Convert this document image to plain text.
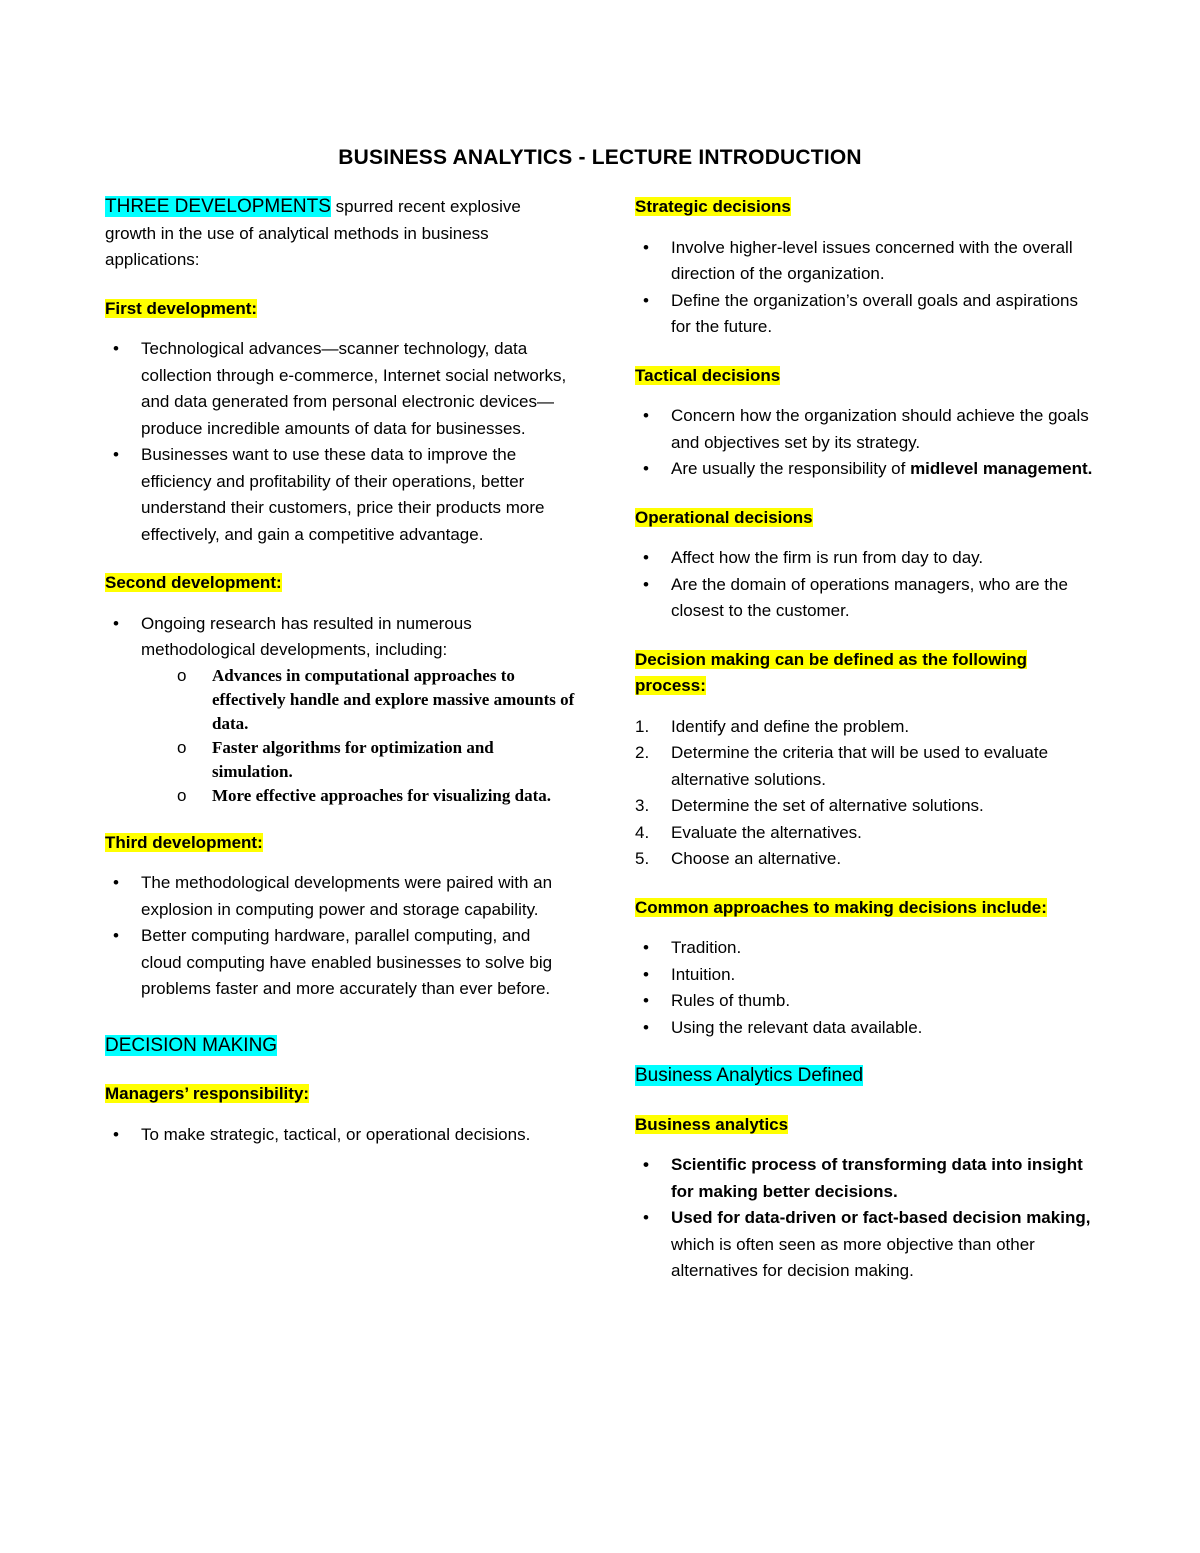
BUSINESS ANALYTICS - LECTURE INTRODUCTION

THREE DEVELOPMENTS spurred recent explosive growth in the use of analytical methods in business applications:

First development:

• Technological advances—scanner technology, data collection through e-commerce, Internet social networks, and data generated from personal electronic devices—produce incredible amounts of data for businesses.
• Businesses want to use these data to improve the efficiency and profitability of their operations, better understand their customers, price their products more effectively, and gain a competitive advantage.

Second development:

• Ongoing research has resulted in numerous methodological developments, including:
o Advances in computational approaches to effectively handle and explore massive amounts of data.
o Faster algorithms for optimization and simulation.
o More effective approaches for visualizing data.

Third development:

• The methodological developments were paired with an explosion in computing power and storage capability.
• Better computing hardware, parallel computing, and cloud computing have enabled businesses to solve big problems faster and more accurately than ever before.

DECISION MAKING

Managers’ responsibility:

• To make strategic, tactical, or operational decisions.

Strategic decisions

• Involve higher-level issues concerned with the overall direction of the organization.
• Define the organization’s overall goals and aspirations for the future.

Tactical decisions

• Concern how the organization should achieve the goals and objectives set by its strategy.
• Are usually the responsibility of midlevel management.

Operational decisions

• Affect how the firm is run from day to day.
• Are the domain of operations managers, who are the closest to the customer.

Decision making can be defined as the following process:

1. Identify and define the problem.
2. Determine the criteria that will be used to evaluate alternative solutions.
3. Determine the set of alternative solutions.
4. Evaluate the alternatives.
5. Choose an alternative.

Common approaches to making decisions include:

• Tradition.
• Intuition.
• Rules of thumb.
• Using the relevant data available.

Business Analytics Defined

Business analytics

• Scientific process of transforming data into insight for making better decisions.
• Used for data-driven or fact-based decision making, which is often seen as more objective than other alternatives for decision making.
